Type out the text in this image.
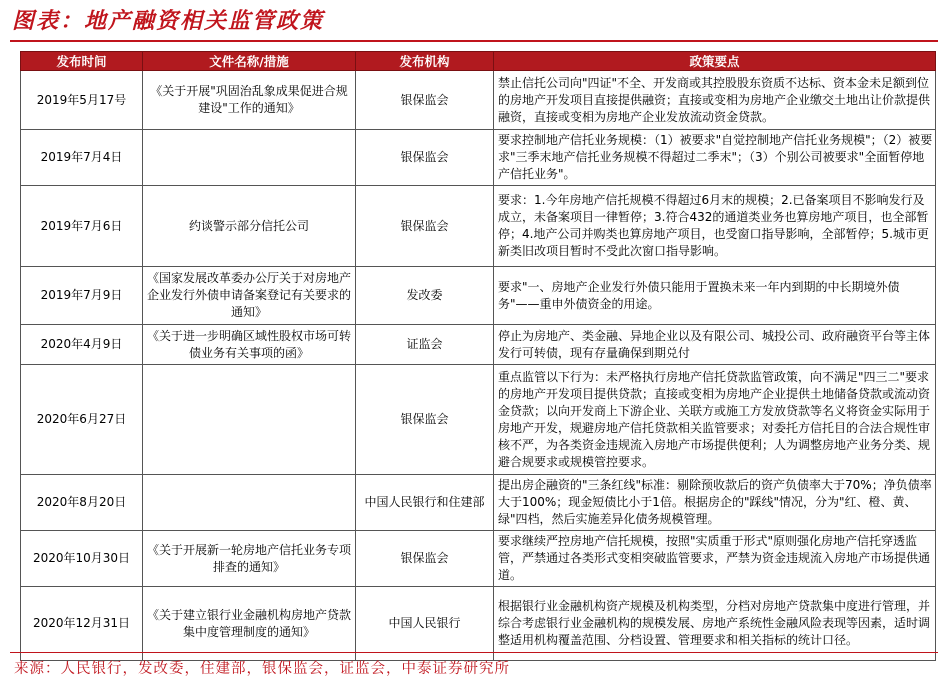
图表：地产融资相关监管政策
发布时间	文件名称/措施	发布机构	政策要点
2019年5月17号	《关于开展"巩固治乱象成果促进合规建设"工作的通知》	银保监会	禁止信托公司向"四证"不全、开发商或其控股股东资质不达标、资本金未足额到位的房地产开发项目直接提供融资；直接或变相为房地产企业缴交土地出让价款提供融资，直接或变相为房地产企业发放流动资金贷款。
2019年7月4日		银保监会	要求控制地产信托业务规模：（1）被要求"自觉控制地产信托业务规模"；（2）被要求"三季末地产信托业务规模不得超过二季末"；（3）个别公司被要求"全面暂停地产信托业务"。
2019年7月6日	约谈警示部分信托公司	银保监会	要求：1.今年房地产信托规模不得超过6月末的规模；2.已备案项目不影响发行及成立，未备案项目一律暂停；3.符合432的通道类业务也算房地产项目，也全部暂停；4.地产公司并购类也算房地产项目，也受窗口指导影响，全部暂停；5.城市更新类旧改项目暂时不受此次窗口指导影响。
2019年7月9日	《国家发展改革委办公厅关于对房地产企业发行外债申请备案登记有关要求的通知》	发改委	要求"一、房地产企业发行外债只能用于置换未来一年内到期的中长期境外债务"——重申外债资金的用途。
2020年4月9日	《关于进一步明确区域性股权市场可转债业务有关事项的函》	证监会	停止为房地产、类金融、异地企业以及有限公司、城投公司、政府融资平台等主体发行可转债，现有存量确保到期兑付
2020年6月27日		银保监会	重点监管以下行为：未严格执行房地产信托贷款监管政策，向不满足"四三二"要求的房地产开发项目提供贷款；直接或变相为房地产企业提供土地储备贷款或流动资金贷款；以向开发商上下游企业、关联方或施工方发放贷款等名义将资金实际用于房地产开发，规避房地产信托贷款相关监管要求；对委托方信托目的合法合规性审核不严，为各类资金违规流入房地产市场提供便利；人为调整房地产业务分类、规避合规要求或规模管控要求。
2020年8月20日		中国人民银行和住建部	提出房企融资的"三条红线"标准：剔除预收款后的资产负债率大于70%；净负债率大于100%；现金短债比小于1倍。根据房企的"踩线"情况，分为"红、橙、黄、绿"四档，然后实施差异化债务规模管理。
2020年10月30日	《关于开展新一轮房地产信托业务专项排查的通知》	银保监会	要求继续严控房地产信托规模，按照"实质重于形式"原则强化房地产信托穿透监管，严禁通过各类形式变相突破监管要求，严禁为资金违规流入房地产市场提供通道。
2020年12月31日	《关于建立银行业金融机构房地产贷款集中度管理制度的通知》	中国人民银行	根据银行业金融机构资产规模及机构类型，分档对房地产贷款集中度进行管理，并综合考虑银行业金融机构的规模发展、房地产系统性金融风险表现等因素，适时调整适用机构覆盖范围、分档设置、管理要求和相关指标的统计口径。
来源：人民银行，发改委，住建部，银保监会，证监会，中泰证券研究所
